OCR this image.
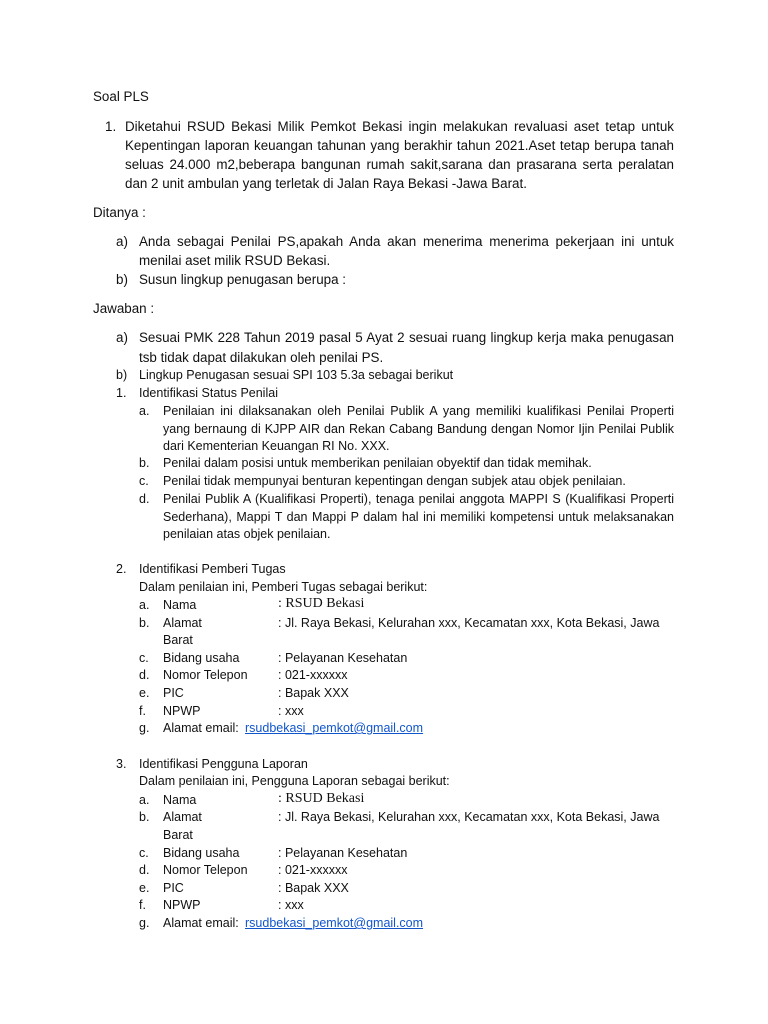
Soal PLS
1. Diketahui RSUD Bekasi Milik Pemkot Bekasi ingin melakukan revaluasi aset tetap untuk Kepentingan laporan keuangan tahunan yang berakhir tahun 2021.Aset tetap berupa tanah seluas 24.000 m2,beberapa bangunan rumah sakit,sarana dan prasarana serta peralatan dan 2 unit ambulan yang terletak di Jalan Raya Bekasi -Jawa Barat.
Ditanya :
a) Anda sebagai Penilai PS,apakah Anda akan menerima menerima pekerjaan ini untuk menilai aset milik RSUD Bekasi.
b) Susun lingkup penugasan berupa :
Jawaban :
a) Sesuai PMK 228 Tahun 2019 pasal 5 Ayat 2 sesuai ruang lingkup kerja maka penugasan tsb tidak dapat dilakukan oleh penilai PS.
b) Lingkup Penugasan sesuai SPI 103 5.3a sebagai berikut
1. Identifikasi Status Penilai
a. Penilaian ini dilaksanakan oleh Penilai Publik A yang memiliki kualifikasi Penilai Properti yang bernaung di KJPP AIR dan Rekan Cabang Bandung dengan Nomor Ijin Penilai Publik dari Kementerian Keuangan RI No. XXX.
b. Penilai dalam posisi untuk memberikan penilaian obyektif dan tidak memihak.
c. Penilai tidak mempunyai benturan kepentingan dengan subjek atau objek penilaian.
d. Penilai Publik A (Kualifikasi Properti), tenaga penilai anggota MAPPI S (Kualifikasi Properti Sederhana), Mappi T dan Mappi P dalam hal ini memiliki kompetensi untuk melaksanakan penilaian atas objek penilaian.
2. Identifikasi Pemberi Tugas
Dalam penilaian ini, Pemberi Tugas sebagai berikut:
a. Nama	: RSUD Bekasi
b. Alamat	: Jl. Raya Bekasi, Kelurahan xxx, Kecamatan xxx, Kota Bekasi, Jawa
Barat
c. Bidang usaha	: Pelayanan Kesehatan
d. Nomor Telepon : 021-xxxxxx
e. PIC	: Bapak XXX
f. NPWP	: xxx
g. Alamat email: rsudbekasi_pemkot@gmail.com
3. Identifikasi Pengguna Laporan
Dalam penilaian ini, Pengguna Laporan sebagai berikut:
a. Nama	: RSUD Bekasi
b. Alamat	: Jl. Raya Bekasi, Kelurahan xxx, Kecamatan xxx, Kota Bekasi, Jawa
Barat
c. Bidang usaha	: Pelayanan Kesehatan
d. Nomor Telepon : 021-xxxxxx
e. PIC	: Bapak XXX
f. NPWP	: xxx
g. Alamat email: rsudbekasi_pemkot@gmail.com
